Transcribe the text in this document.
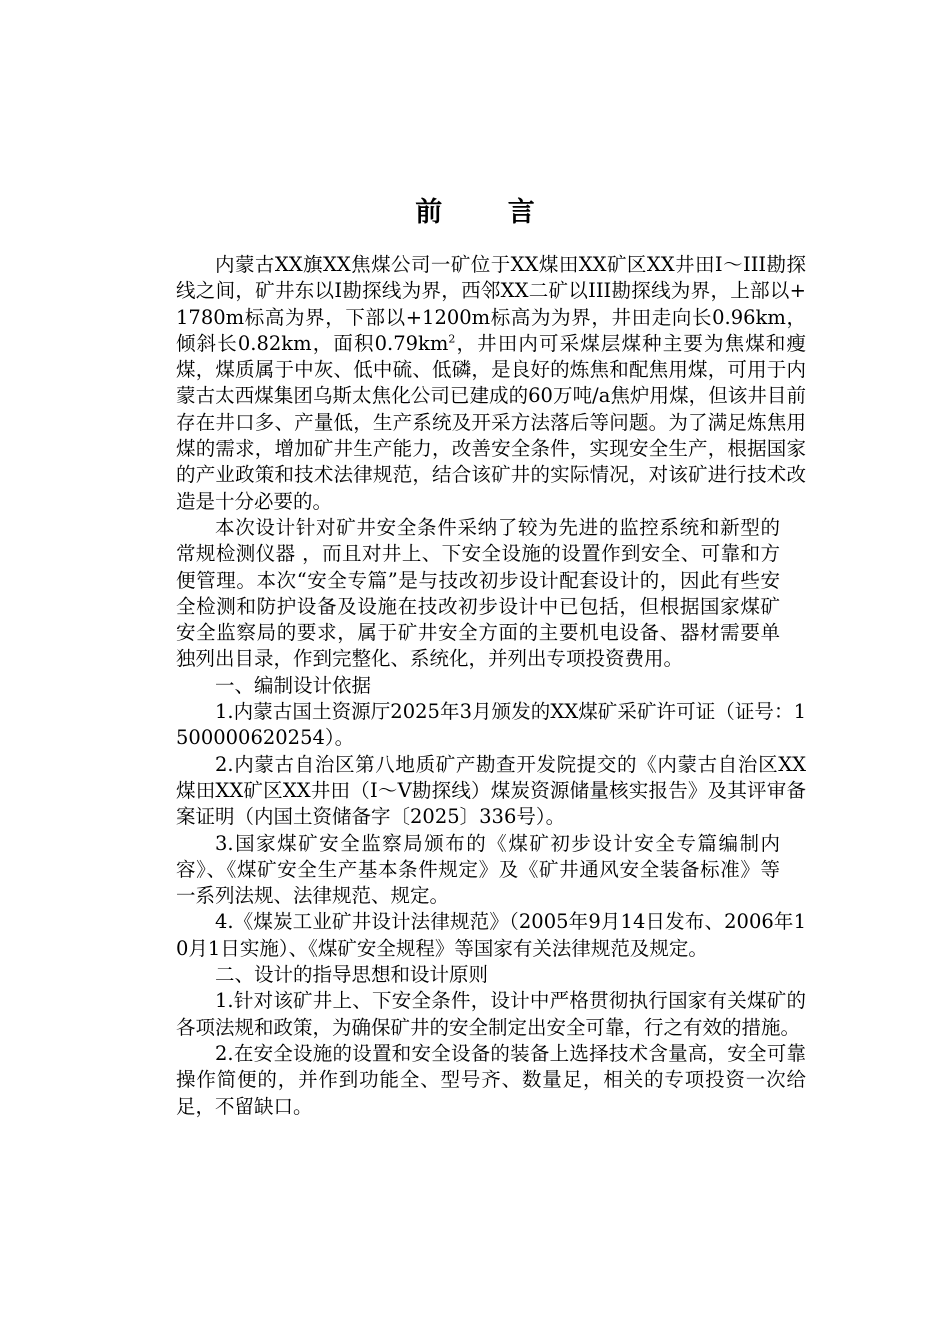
前 言

内蒙古XX旗XX焦煤公司一矿位于XX煤田XX矿区XX井田I～III勘探线之间，矿井东以I勘探线为界，西邻XX二矿以III勘探线为界，上部以+1780m标高为界，下部以+1200m标高为为界，井田走向长0.96km，倾斜长0.82km，面积$0.79km^2$，井田内可采煤层煤种主要为焦煤和瘦煤，煤质属于中灰、低中硫、低磷，是良好的炼焦和配焦用煤，可用于内蒙古太西煤集团乌斯太焦化公司已建成的60万吨/a焦炉用煤，但该井目前存在井口多、产量低，生产系统及开采方法落后等问题。为了满足炼焦用煤的需求，增加矿井生产能力，改善安全条件，实现安全生产，根据国家的产业政策和技术法律规范，结合该矿井的实际情况，对该矿进行技术改造是十分必要的。

本次设计针对矿井安全条件采纳了较为先进的监控系统和新型的常规检测仪器 ，而且对井上、下安全设施的设置作到安全、可靠和方便管理。本次“安全专篇”是与技改初步设计配套设计的，因此有些安全检测和防护设备及设施在技改初步设计中已包括，但根据国家煤矿安全监察局的要求，属于矿井安全方面的主要机电设备、器材需要单独列出目录，作到完整化、系统化，并列出专项投资费用。

一、编制设计依据

1.内蒙古国土资源厅2025年3月颁发的XX煤矿采矿许可证（证号：1500000620254）。

2.内蒙古自治区第八地质矿产勘查开发院提交的《内蒙古自治区XX煤田XX矿区XX井田（I～V勘探线）煤炭资源储量核实报告》及其评审备案证明（内国土资储备字〔2025〕336号）。

3.国家煤矿安全监察局颁布的《煤矿初步设计安全专篇编制内容》、《煤矿安全生产基本条件规定》及《矿井通风安全装备标准》等一系列法规、法律规范、规定。

4.《煤炭工业矿井设计法律规范》（2005年9月14日发布、2006年10月1日实施）、《煤矿安全规程》等国家有关法律规范及规定。

二、设计的指导思想和设计原则

1.针对该矿井上、下安全条件，设计中严格贯彻执行国家有关煤矿的各项法规和政策，为确保矿井的安全制定出安全可靠，行之有效的措施。

2.在安全设施的设置和安全设备的装备上选择技术含量高，安全可靠操作简便的，并作到功能全、型号齐、数量足，相关的专项投资一次给足，不留缺口。
